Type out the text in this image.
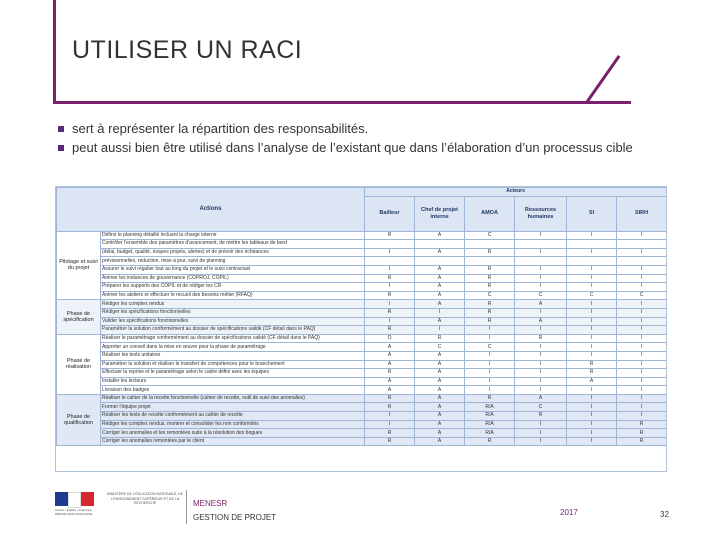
UTILISER UN RACI
sert à représenter la répartition des responsabilités.
peut aussi bien être utilisé dans l’analyse de l’existant que dans l’élaboration d’un processus cible
Actions		Acteurs					
		Bailleur	Chef de projet interne	AMOA	Ressources humaines	SI	SIRH
Pilotage et suivi du projet	Définir le planning détaillé incluant la charge interne	R	A	C	I	I	I
	Contrôler l’ensemble des paramètres d’avancement, de mettre les tableaux de bord						
	(délai, budget, qualité, risques projets, alertes) et de prévoir des échéances	I	A	R	I	I	I
	prévisionnelles, réduction, mise à jour, suivi de planning						
	Assurer le suivi régulier tout au long du projet et le suivi contractuel	I	A	R	I	I	I
	Animer les instances de gouvernance (COPROJ, COPIL)	R	A	R	I	I	I
	Préparer les supports des COPIL et de rédiger les CR	I	A	R	I	I	I
	Animer les ateliers et effectuer le recueil des besoins métier (RFAQ)	R	A	C	C	C	C
Phase de spécification	Rédiger les comptes rendus	I	A	R	A	I	I
	Rédiger les spécifications fonctionnelles	R	I	R	I	I	I
	Valider les spécifications fonctionnelles	I	A	R	A	I	I
	Paramétrer la solution conformément au dossier de spécifications validé (CF détail dans le PAQ)	R	I	I	I	I	I
Phase de réalisation	Réaliser le paramétrage conformément au dossier de spécifications validé (CF détail dans le PAQ)	O	R	I	R	I	I
	Apporter un conseil dans la mise en œuvre pour la phase de paramétrage	A	C	C	I	I	I
	Réaliser les tests unitaires	A	A	I	I	I	I
	Paramétrer la solution et réaliser le transfert de compétences pour le branchement	A	A	I	I	R	I
	Effectuer la reprise et le paramétrage selon le cadre défini avec les équipes	R	A	I	I	R	I
	Installer les lecteurs	A	A	I	I	A	I
	Livraison des badges	A	A	I	I	I	I
Phase de qualification	Réaliser le cahier de la recette fonctionnelle (cahier de recette, outil de suivi des anomalies)	R	A	R	A	I	I
	Former l’équipe projet	R	A	R/A	C	I	I
	Réaliser les tests de recette conformément au cahier de recette	I	A	R/A	R	I	I
	Rédiger les comptes rendus, montrer et consolider les non conformités	I	A	R/A	I	I	R
	Corriger les anomalies et les remontées suite à la résolution des bogues	R	A	R/A	I	I	R
	Corriger les anomalies remontées par le client	R	A	R	I	I	R
Liberté • Égalité • Fraternité RÉPUBLIQUE FRANÇAISE
MINISTÈRE DE L’ÉDUCATION NATIONALE, DE L’ENSEIGNEMENT SUPÉRIEUR ET DE LA RECHERCHE	MENESR
GESTION DE PROJET
2017	32
